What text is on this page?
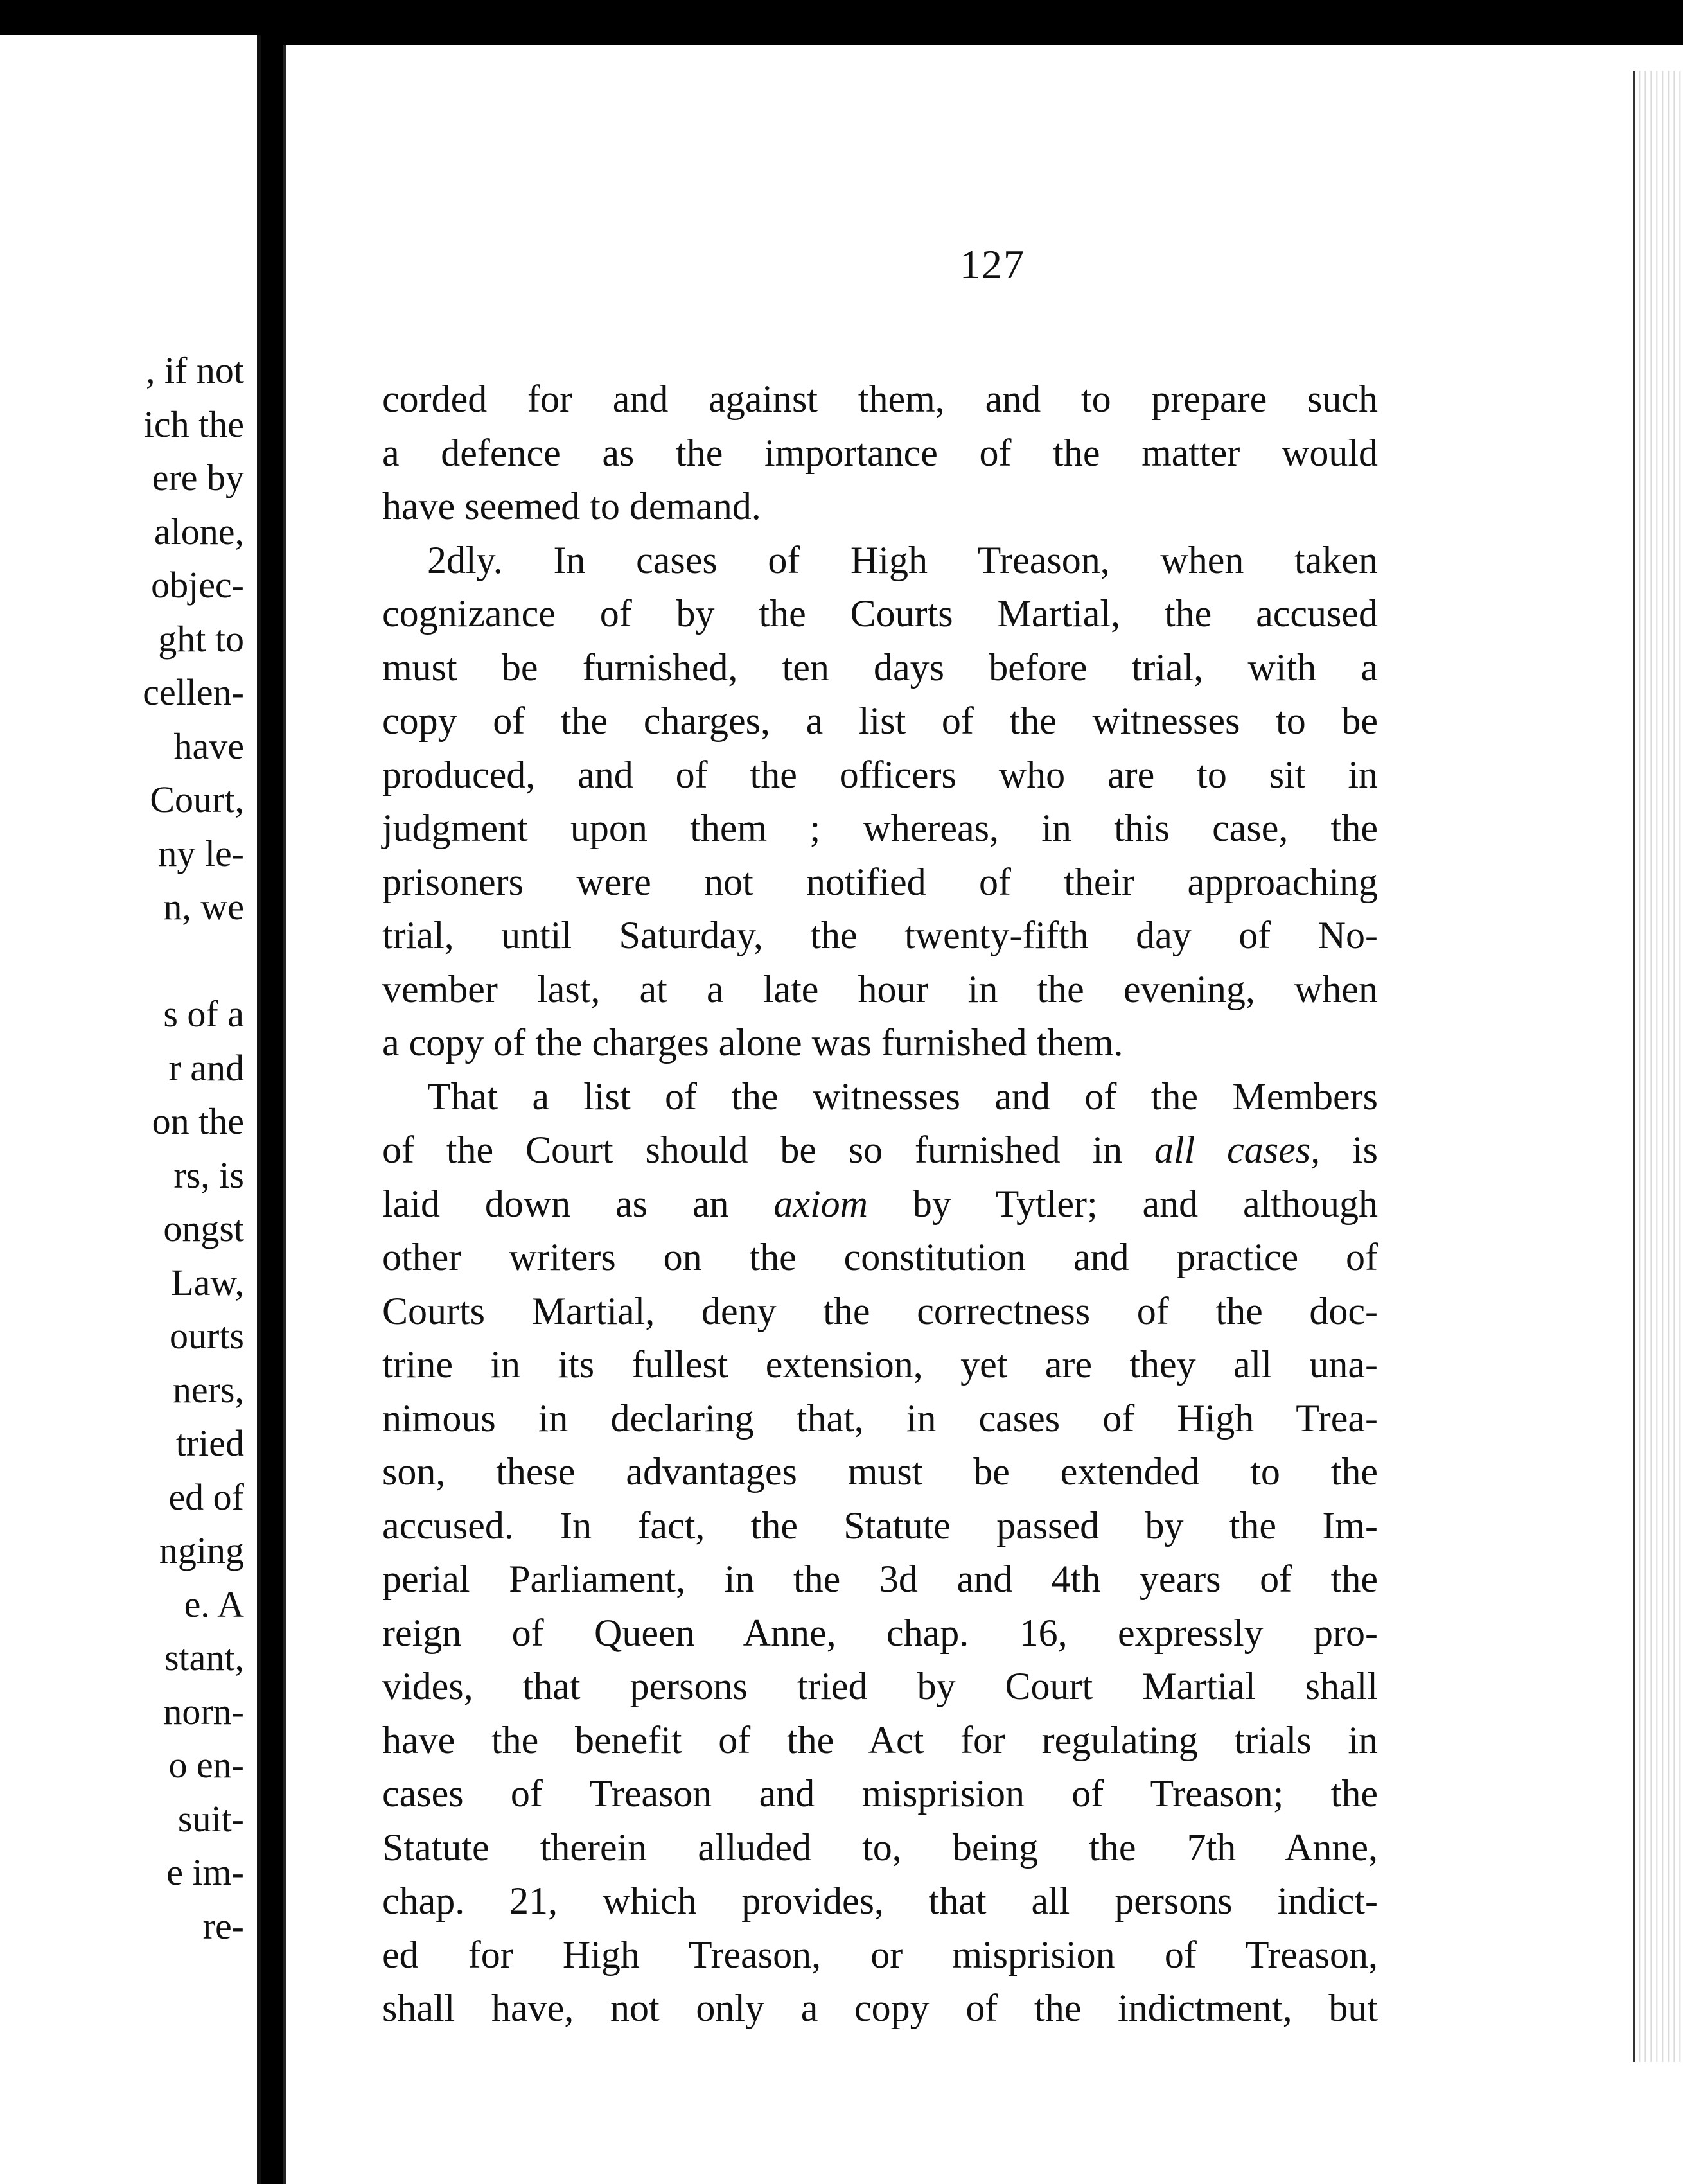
, if not
ich the
ere by
alone,
objec-
ght to
cellen-
have
Court,
ny le-
n, we
s of a
r and
on the
rs, is
ongst
Law,
ourts
ners,
tried
ed of
nging
e. A
stant,
norn-
o en-
suit-
e im-
re-
127
corded for and against them, and to prepare such
a defence as the importance of the matter would
have seemed to demand.
2dly. In cases of High Treason, when taken
cognizance of by the Courts Martial, the accused
must be furnished, ten days before trial, with a
copy of the charges, a list of the witnesses to be
produced, and of the officers who are to sit in
judgment upon them ; whereas, in this case, the
prisoners were not notified of their approaching
trial, until Saturday, the twenty-fifth day of No-
vember last, at a late hour in the evening, when
a copy of the charges alone was furnished them.
That a list of the witnesses and of the Members
of the Court should be so furnished in all cases, is
laid down as an axiom by Tytler; and although
other writers on the constitution and practice of
Courts Martial, deny the correctness of the doc-
trine in its fullest extension, yet are they all una-
nimous in declaring that, in cases of High Trea-
son, these advantages must be extended to the
accused. In fact, the Statute passed by the Im-
perial Parliament, in the 3d and 4th years of the
reign of Queen Anne, chap. 16, expressly pro-
vides, that persons tried by Court Martial shall
have the benefit of the Act for regulating trials in
cases of Treason and misprision of Treason; the
Statute therein alluded to, being the 7th Anne,
chap. 21, which provides, that all persons indict-
ed for High Treason, or misprision of Treason,
shall have, not only a copy of the indictment, but
